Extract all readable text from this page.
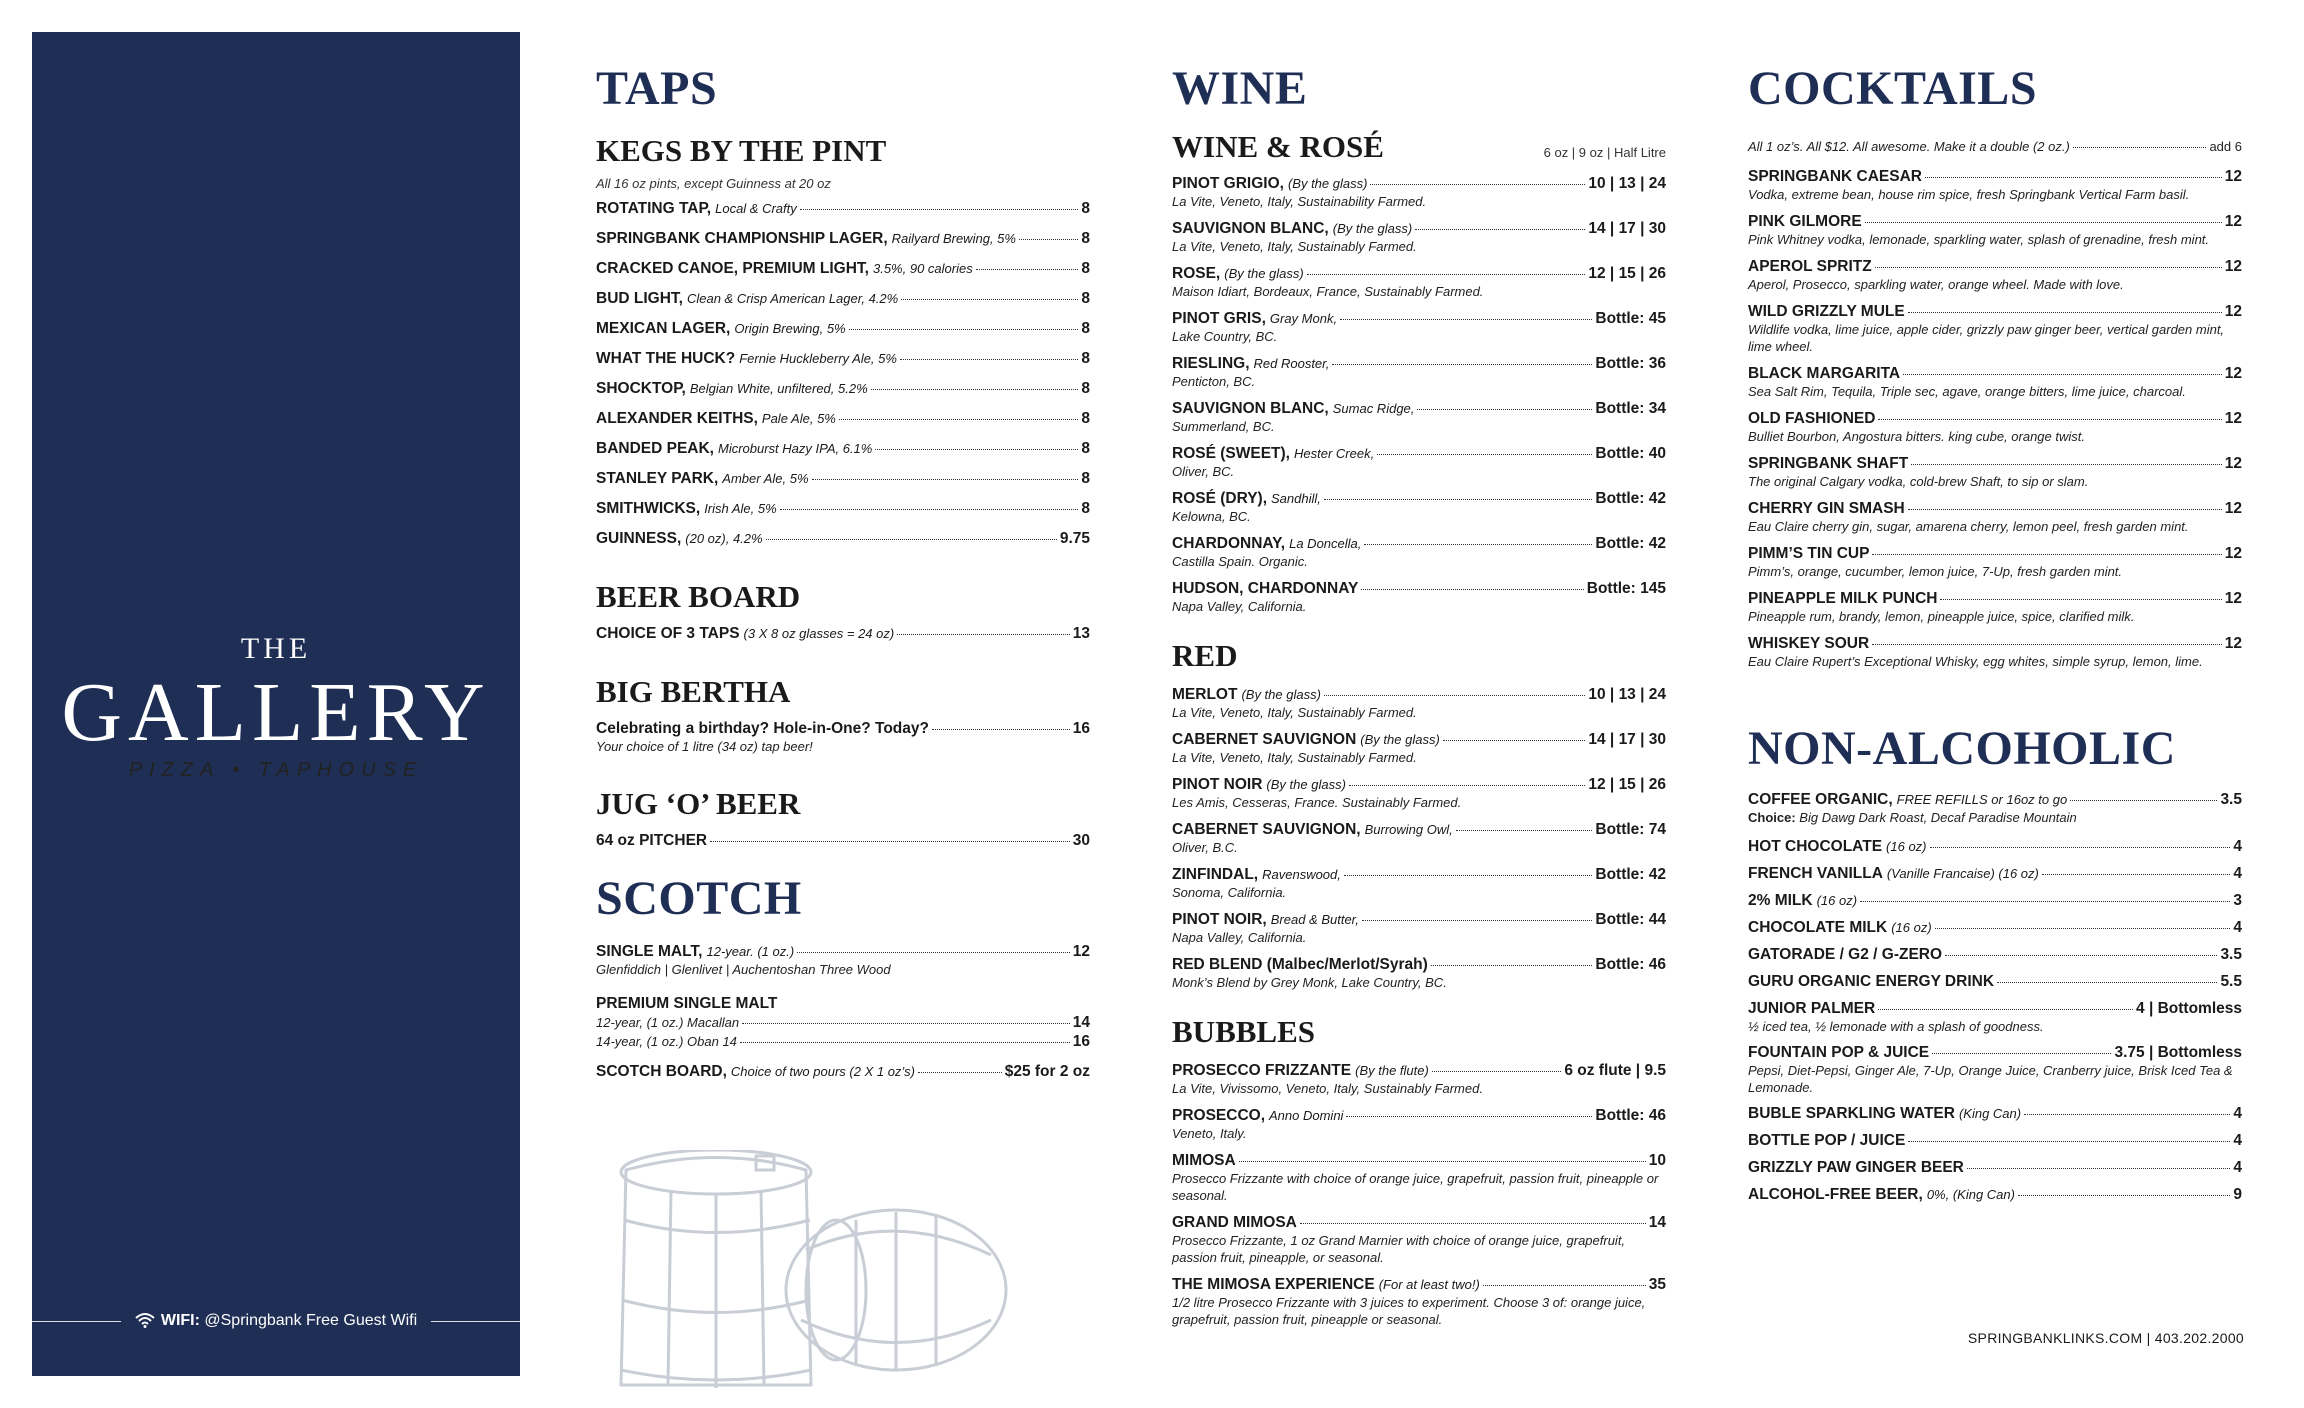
THE
GALLERY
PIZZA • TAPHOUSE
WIFI: @Springbank Free Guest Wifi
TAPS
KEGS BY THE PINT
All 16 oz pints, except Guinness at 20 oz
ROTATING TAP, Local & Crafty	8
SPRINGBANK CHAMPIONSHIP LAGER, Railyard Brewing, 5%	8
CRACKED CANOE, PREMIUM LIGHT, 3.5%, 90 calories	8
BUD LIGHT, Clean & Crisp American Lager, 4.2%	8
MEXICAN LAGER, Origin Brewing, 5%	8
WHAT THE HUCK? Fernie Huckleberry Ale, 5%	8
SHOCKTOP, Belgian White, unfiltered, 5.2%	8
ALEXANDER KEITHS, Pale Ale, 5%	8
BANDED PEAK, Microburst Hazy IPA, 6.1%	8
STANLEY PARK, Amber Ale, 5%	8
SMITHWICKS, Irish Ale, 5%	8
GUINNESS, (20 oz), 4.2%	9.75
BEER BOARD
CHOICE OF 3 TAPS (3 X 8 oz glasses = 24 oz)	13
BIG BERTHA
Celebrating a birthday? Hole-in-One? Today?	16
Your choice of 1 litre (34 oz) tap beer!
JUG ‘O’ BEER
64 oz PITCHER	30
SCOTCH
SINGLE MALT, 12-year. (1 oz.)	12
Glenfiddich | Glenlivet | Auchentoshan Three Wood
PREMIUM SINGLE MALT
12-year, (1 oz.) Macallan	14
14-year, (1 oz.) Oban 14	16
SCOTCH BOARD, Choice of two pours (2 X 1 oz’s)	$25 for 2 oz
WINE
WINE & ROSÉ	6 oz | 9 oz | Half Litre
PINOT GRIGIO, (By the glass)	10 | 13 | 24
La Vite, Veneto, Italy, Sustainability Farmed.
SAUVIGNON BLANC, (By the glass)	14 | 17 | 30
La Vite, Veneto, Italy, Sustainably Farmed.
ROSE, (By the glass)	12 | 15 | 26
Maison Idiart, Bordeaux, France, Sustainably Farmed.
PINOT GRIS, Gray Monk,	Bottle: 45
Lake Country, BC.
RIESLING, Red Rooster,	Bottle: 36
Penticton, BC.
SAUVIGNON BLANC, Sumac Ridge,	Bottle: 34
Summerland, BC.
ROSÉ (SWEET), Hester Creek,	Bottle: 40
Oliver, BC.
ROSÉ (DRY), Sandhill,	Bottle: 42
Kelowna, BC.
CHARDONNAY, La Doncella,	Bottle: 42
Castilla Spain. Organic.
HUDSON, CHARDONNAY	Bottle: 145
Napa Valley, California.
RED
MERLOT (By the glass)	10 | 13 | 24
La Vite, Veneto, Italy, Sustainably Farmed.
CABERNET SAUVIGNON (By the glass)	14 | 17 | 30
La Vite, Veneto, Italy, Sustainably Farmed.
PINOT NOIR (By the glass)	12 | 15 | 26
Les Amis, Cesseras, France. Sustainably Farmed.
CABERNET SAUVIGNON, Burrowing Owl,	Bottle: 74
Oliver, B.C.
ZINFINDAL, Ravenswood,	Bottle: 42
Sonoma, California.
PINOT NOIR, Bread & Butter,	Bottle: 44
Napa Valley, California.
RED BLEND (Malbec/Merlot/Syrah)	Bottle: 46
Monk’s Blend by Grey Monk, Lake Country, BC.
BUBBLES
PROSECCO FRIZZANTE (By the flute)	6 oz flute | 9.5
La Vite, Vivissomo, Veneto, Italy, Sustainably Farmed.
PROSECCO, Anno Domini	Bottle: 46
Veneto, Italy.
MIMOSA	10
Prosecco Frizzante with choice of orange juice, grapefruit, passion fruit, pineapple or seasonal.
GRAND MIMOSA	14
Prosecco Frizzante, 1 oz Grand Marnier with choice of orange juice, grapefruit, passion fruit, pineapple, or seasonal.
THE MIMOSA EXPERIENCE (For at least two!)	35
1/2 litre Prosecco Frizzante with 3 juices to experiment. Choose 3 of: orange juice, grapefruit, passion fruit, pineapple or seasonal.
COCKTAILS
All 1 oz’s. All $12. All awesome. Make it a double (2 oz.)	add 6
SPRINGBANK CAESAR	12
Vodka, extreme bean, house rim spice, fresh Springbank Vertical Farm basil.
PINK GILMORE	12
Pink Whitney vodka, lemonade, sparkling water, splash of grenadine, fresh mint.
APEROL SPRITZ	12
Aperol, Prosecco, sparkling water, orange wheel. Made with love.
WILD GRIZZLY MULE	12
Wildlife vodka, lime juice, apple cider, grizzly paw ginger beer, vertical garden mint, lime wheel.
BLACK MARGARITA	12
Sea Salt Rim, Tequila, Triple sec, agave, orange bitters, lime juice, charcoal.
OLD FASHIONED	12
Bulliet Bourbon, Angostura bitters. king cube, orange twist.
SPRINGBANK SHAFT	12
The original Calgary vodka, cold-brew Shaft, to sip or slam.
CHERRY GIN SMASH	12
Eau Claire cherry gin, sugar, amarena cherry, lemon peel, fresh garden mint.
PIMM’S TIN CUP	12
Pimm’s, orange, cucumber, lemon juice, 7-Up, fresh garden mint.
PINEAPPLE MILK PUNCH	12
Pineapple rum, brandy, lemon, pineapple juice, spice, clarified milk.
WHISKEY SOUR	12
Eau Claire Rupert’s Exceptional Whisky, egg whites, simple syrup, lemon, lime.
NON-ALCOHOLIC
COFFEE ORGANIC, FREE REFILLS or 16oz to go	3.5
Choice: Big Dawg Dark Roast, Decaf Paradise Mountain
HOT CHOCOLATE (16 oz)	4
FRENCH VANILLA (Vanille Francaise) (16 oz)	4
2% MILK (16 oz)	3
CHOCOLATE MILK (16 oz)	4
GATORADE / G2 / G-ZERO	3.5
GURU ORGANIC ENERGY DRINK	5.5
JUNIOR PALMER	4 | Bottomless
½ iced tea, ½ lemonade with a splash of goodness.
FOUNTAIN POP & JUICE	3.75 | Bottomless
Pepsi, Diet-Pepsi, Ginger Ale, 7-Up, Orange Juice, Cranberry juice, Brisk Iced Tea & Lemonade.
BUBLE SPARKLING WATER (King Can)	4
BOTTLE POP / JUICE	4
GRIZZLY PAW GINGER BEER	4
ALCOHOL-FREE BEER, 0%, (King Can)	9
SPRINGBANKLINKS.COM | 403.202.2000
